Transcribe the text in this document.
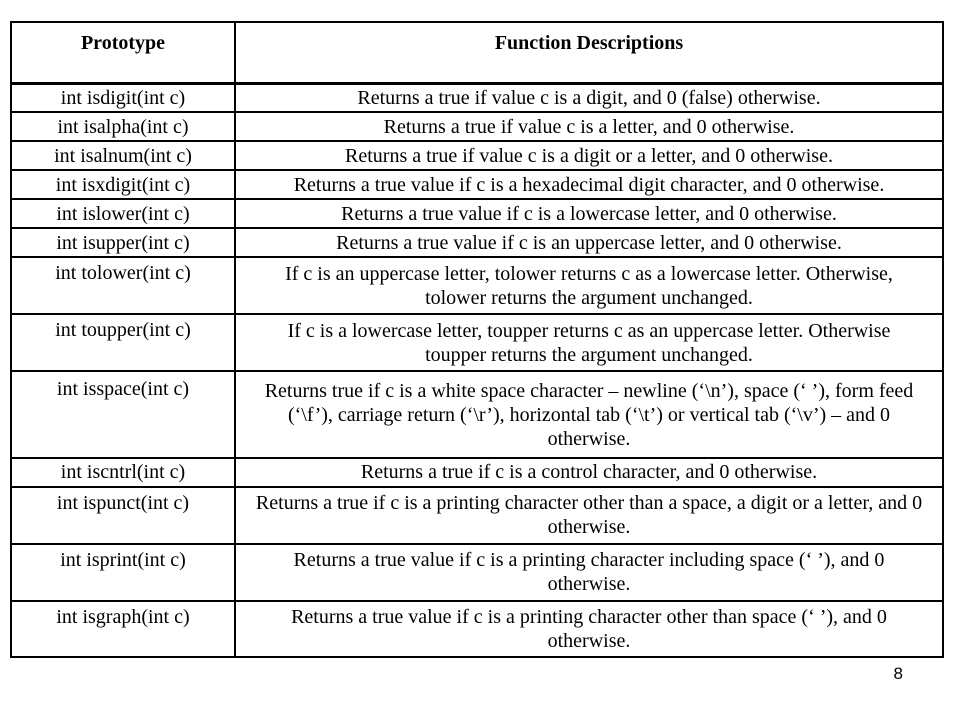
Prototype	Function Descriptions
int isdigit(int c)	Returns a true if value c is a digit, and 0 (false) otherwise.
int isalpha(int c)	Returns a true if value c is a letter, and 0 otherwise.
int isalnum(int c)	Returns a true if value c is a digit or a letter, and 0 otherwise.
int isxdigit(int c)	Returns a true value if c is a hexadecimal digit character, and 0 otherwise.
int islower(int c)	Returns a true value if c is a lowercase letter, and 0 otherwise.
int isupper(int c)	Returns a true value if c is an uppercase letter, and 0 otherwise.
int tolower(int c)	If c is an uppercase letter, tolower returns c as a lowercase letter. Otherwise, tolower returns the argument unchanged.
int toupper(int c)	If c is a lowercase letter, toupper returns c as an uppercase letter. Otherwise toupper returns the argument unchanged.
int isspace(int c)	Returns true if c is a white space character – newline (‘\n’), space (‘ ’), form feed (‘\f’), carriage return (‘\r’), horizontal tab (‘\t’) or vertical tab (‘\v’) – and 0 otherwise.
int iscntrl(int c)	Returns a true if c is a control character, and 0 otherwise.
int ispunct(int c)	Returns a true if c is a printing character other than a space, a digit or a letter, and 0 otherwise.
int isprint(int c)	Returns a true value if c is a printing character including space (‘ ’), and 0 otherwise.
int isgraph(int c)	Returns a true value if c is a printing character other than space (‘ ’), and 0 otherwise.
8
